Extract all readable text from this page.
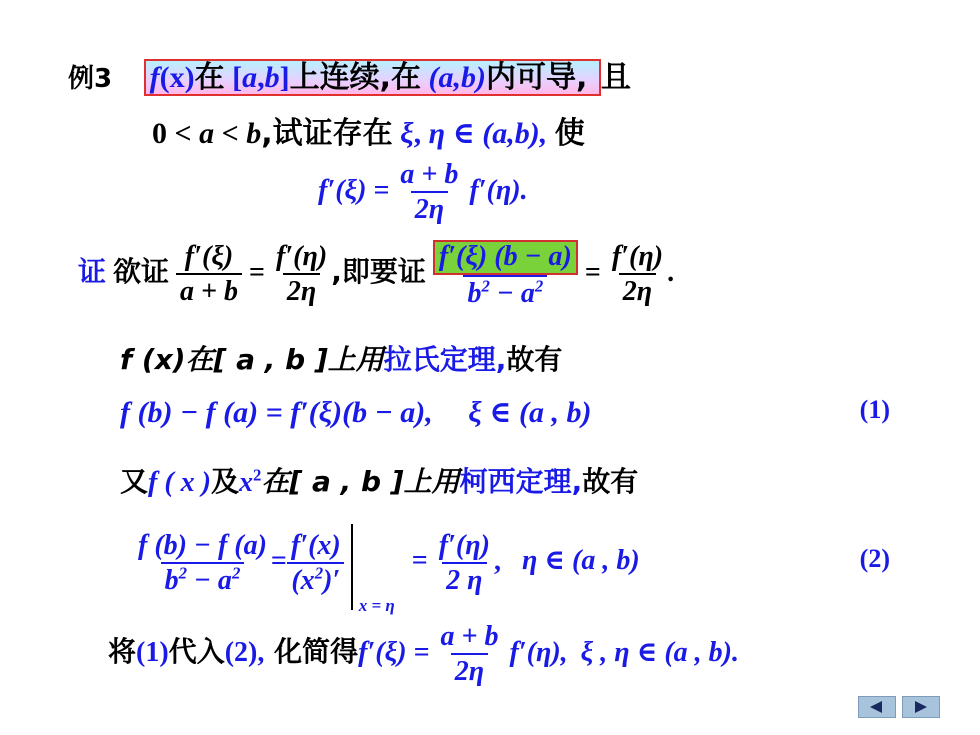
例3 f(x)在 [a,b]上连续,在 (a,b)内可导, 且
0 < a < b,试证存在 ξ, η ∈ (a,b), 使
$f'(\xi) = \frac{a + b}{2\eta} f'(\eta)$.
证 欲证 $\frac{f'(\xi)}{a + b} = \frac{f'(\eta)}{2\eta}$ ,即要证 $\frac{f'(\xi) (b - a)}{b^2 - a^2} = \frac{f'(\eta)}{2\eta}$ .
f (x)在[ a , b ]上用拉氏定理,故有
f (b) − f (a) = f′(ξ)(b − a), ξ ∈ (a , b)	(1)
又f ( x )及$x^2$在[ a , b ]上用柯西定理,故有
$\frac{f (b) - f (a)}{b^2 - a^2} = \frac{f'(x)}{(x^2)'}$
x = η
= $\frac{f'(\eta)}{2 \eta}$ , η ∈ (a , b)	(2)
将(1)代入(2), 化简得$f'(\xi) = \frac{a + b}{2\eta} f'(\eta)$, ξ , η ∈ (a , b).
